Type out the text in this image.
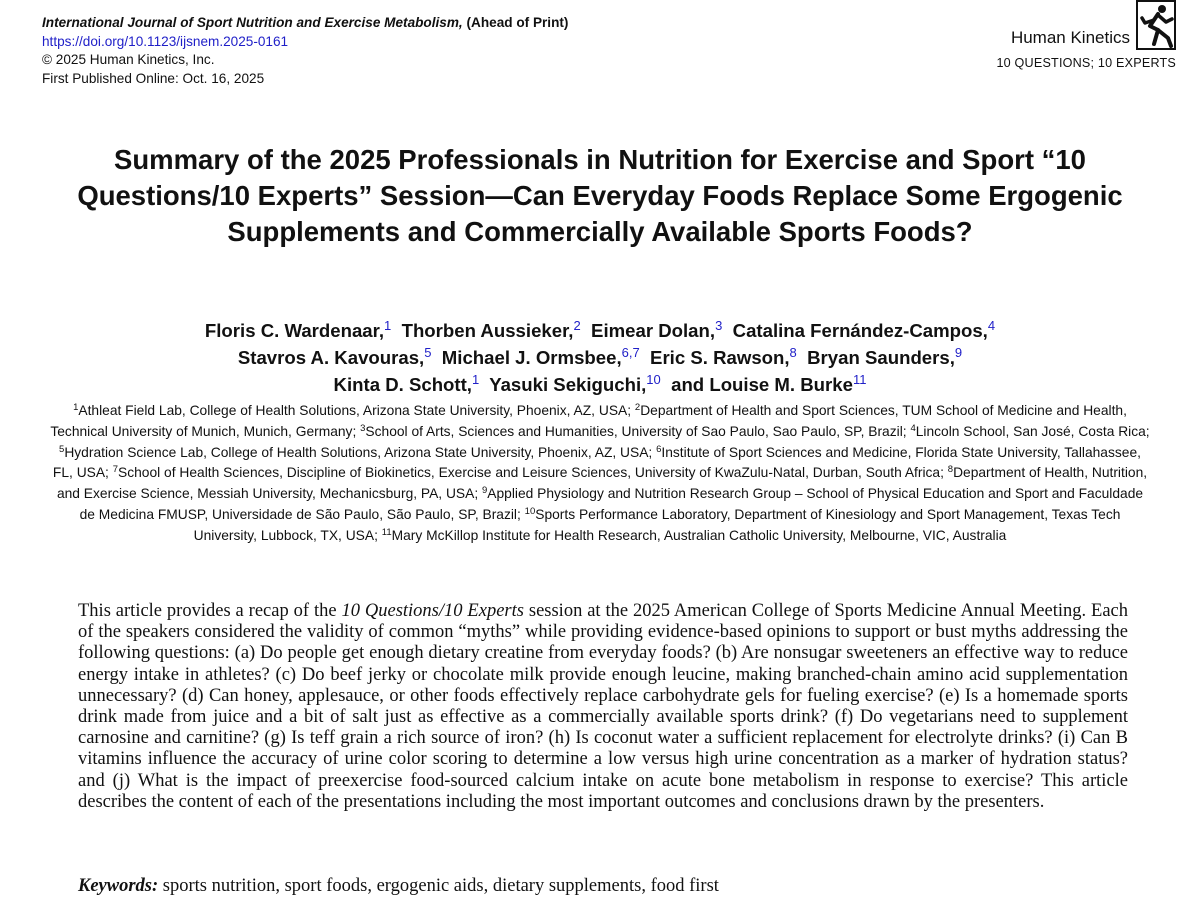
International Journal of Sport Nutrition and Exercise Metabolism, (Ahead of Print)
https://doi.org/10.1123/ijsnem.2025-0161
© 2025 Human Kinetics, Inc.
First Published Online: Oct. 16, 2025
Human Kinetics
10 QUESTIONS; 10 EXPERTS
Summary of the 2025 Professionals in Nutrition for Exercise and Sport “10 Questions/10 Experts” Session—Can Everyday Foods Replace Some Ergogenic Supplements and Commercially Available Sports Foods?
Floris C. Wardenaar,$^1$ Thorben Aussieker,$^2$ Eimear Dolan,$^3$ Catalina Fernández-Campos,$^4$
Stavros A. Kavouras,$^5$ Michael J. Ormsbee,$^{6,7}$ Eric S. Rawson,$^8$ Bryan Saunders,$^9$
Kinta D. Schott,$^1$ Yasuki Sekiguchi,$^{10}$ and Louise M. Burke$^{11}$
$^1$Athleat Field Lab, College of Health Solutions, Arizona State University, Phoenix, AZ, USA; $^2$Department of Health and Sport Sciences, TUM School of Medicine and Health, Technical University of Munich, Munich, Germany; $^3$School of Arts, Sciences and Humanities, University of Sao Paulo, Sao Paulo, SP, Brazil; $^4$Lincoln School, San José, Costa Rica; $^5$Hydration Science Lab, College of Health Solutions, Arizona State University, Phoenix, AZ, USA; $^6$Institute of Sport Sciences and Medicine, Florida State University, Tallahassee, FL, USA; $^7$School of Health Sciences, Discipline of Biokinetics, Exercise and Leisure Sciences, University of KwaZulu-Natal, Durban, South Africa; $^8$Department of Health, Nutrition, and Exercise Science, Messiah University, Mechanicsburg, PA, USA; $^9$Applied Physiology and Nutrition Research Group – School of Physical Education and Sport and Faculdade de Medicina FMUSP, Universidade de São Paulo, São Paulo, SP, Brazil; $^{10}$Sports Performance Laboratory, Department of Kinesiology and Sport Management, Texas Tech University, Lubbock, TX, USA; $^{11}$Mary McKillop Institute for Health Research, Australian Catholic University, Melbourne, VIC, Australia
This article provides a recap of the 10 Questions/10 Experts session at the 2025 American College of Sports Medicine Annual Meeting. Each of the speakers considered the validity of common “myths” while providing evidence-based opinions to support or bust myths addressing the following questions: (a) Do people get enough dietary creatine from everyday foods? (b) Are nonsugar sweeteners an effective way to reduce energy intake in athletes? (c) Do beef jerky or chocolate milk provide enough leucine, making branched-chain amino acid supplementation unnecessary? (d) Can honey, applesauce, or other foods effectively replace carbohydrate gels for fueling exercise? (e) Is a homemade sports drink made from juice and a bit of salt just as effective as a commercially available sports drink? (f) Do vegetarians need to supplement carnosine and carnitine? (g) Is teff grain a rich source of iron? (h) Is coconut water a sufficient replacement for electrolyte drinks? (i) Can B vitamins influence the accuracy of urine color scoring to determine a low versus high urine concentration as a marker of hydration status? and (j) What is the impact of preexercise food-sourced calcium intake on acute bone metabolism in response to exercise? This article describes the content of each of the presentations including the most important outcomes and conclusions drawn by the presenters.
Keywords: sports nutrition, sport foods, ergogenic aids, dietary supplements, food first
